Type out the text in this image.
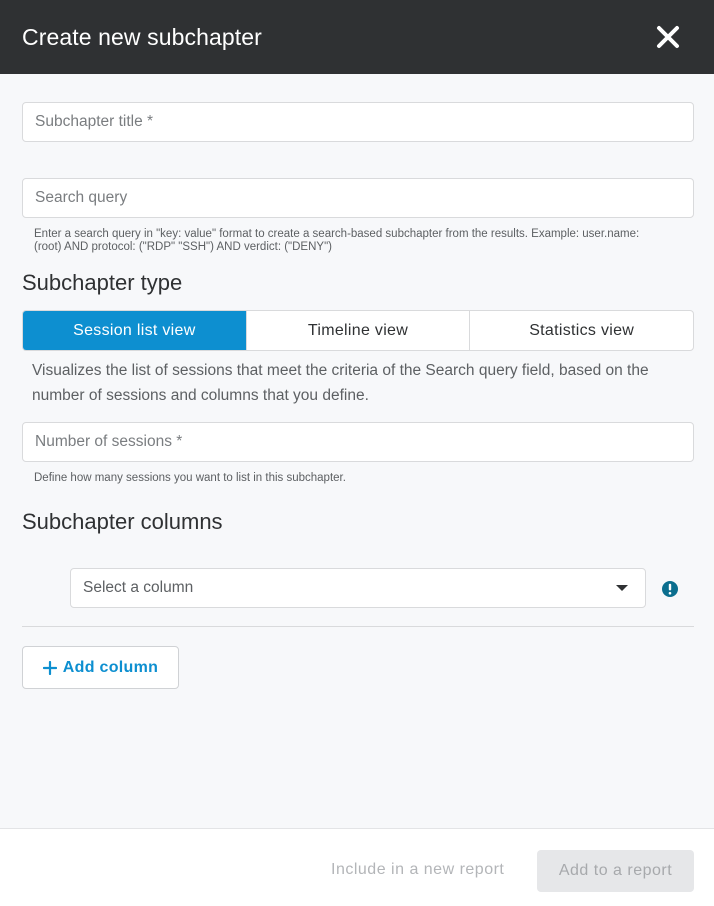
Create new subchapter
Subchapter title *
Search query
Enter a search query in "key: value" format to create a search-based subchapter from the results. Example: user.name: (root) AND protocol: ("RDP" "SSH") AND verdict: ("DENY")
Subchapter type
Session list view	Timeline view	Statistics view
Visualizes the list of sessions that meet the criteria of the Search query field, based on the number of sessions and columns that you define.
Number of sessions *
Define how many sessions you want to list in this subchapter.
Subchapter columns
Select a column
Add column
Include in a new report	Add to a report
